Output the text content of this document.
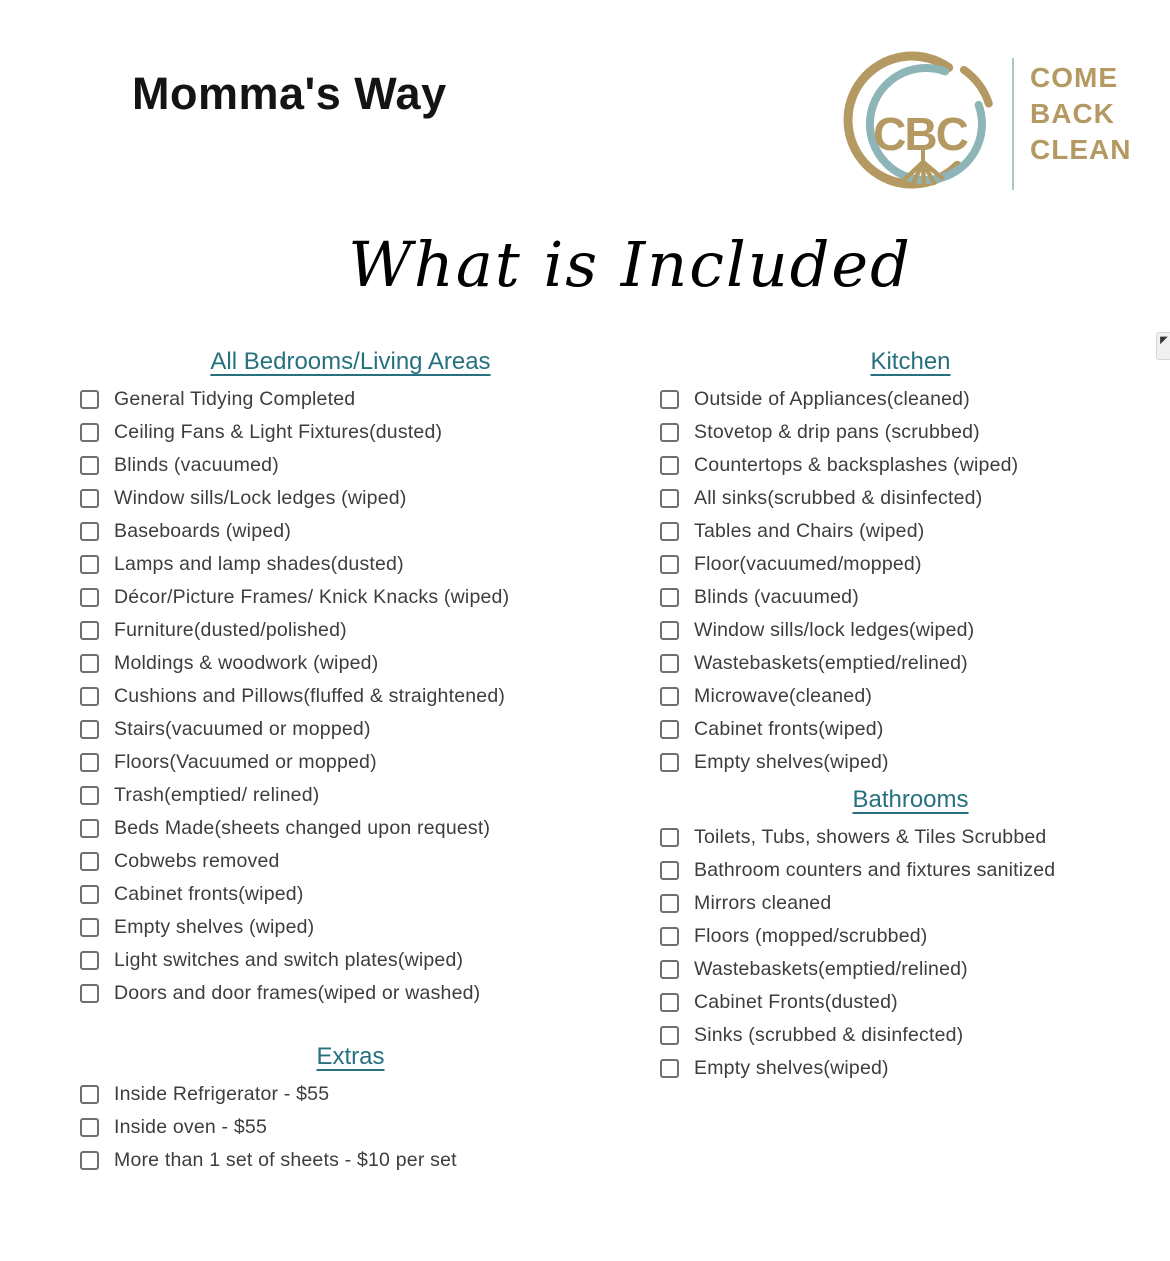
Momma's Way
CBC
COME
BACK
CLEAN
What is Included
All Bedrooms/Living Areas
General Tidying Completed
Ceiling Fans & Light Fixtures(dusted)
Blinds (vacuumed)
Window sills/Lock ledges (wiped)
Baseboards (wiped)
Lamps and lamp shades(dusted)
Décor/Picture Frames/ Knick Knacks (wiped)
Furniture(dusted/polished)
Moldings & woodwork (wiped)
Cushions and Pillows(fluffed & straightened)
Stairs(vacuumed or mopped)
Floors(Vacuumed or mopped)
Trash(emptied/ relined)
Beds Made(sheets changed upon request)
Cobwebs removed
Cabinet fronts(wiped)
Empty shelves (wiped)
Light switches and switch plates(wiped)
Doors and door frames(wiped or washed)
Extras
Inside Refrigerator - $55
Inside oven - $55
More than 1 set of sheets - $10 per set
Kitchen
Outside of Appliances(cleaned)
Stovetop & drip pans (scrubbed)
Countertops & backsplashes (wiped)
All sinks(scrubbed & disinfected)
Tables and Chairs (wiped)
Floor(vacuumed/mopped)
Blinds (vacuumed)
Window sills/lock ledges(wiped)
Wastebaskets(emptied/relined)
Microwave(cleaned)
Cabinet fronts(wiped)
Empty shelves(wiped)
Bathrooms
Toilets, Tubs, showers & Tiles Scrubbed
Bathroom counters and fixtures sanitized
Mirrors cleaned
Floors (mopped/scrubbed)
Wastebaskets(emptied/relined)
Cabinet Fronts(dusted)
Sinks (scrubbed & disinfected)
Empty shelves(wiped)
◤
